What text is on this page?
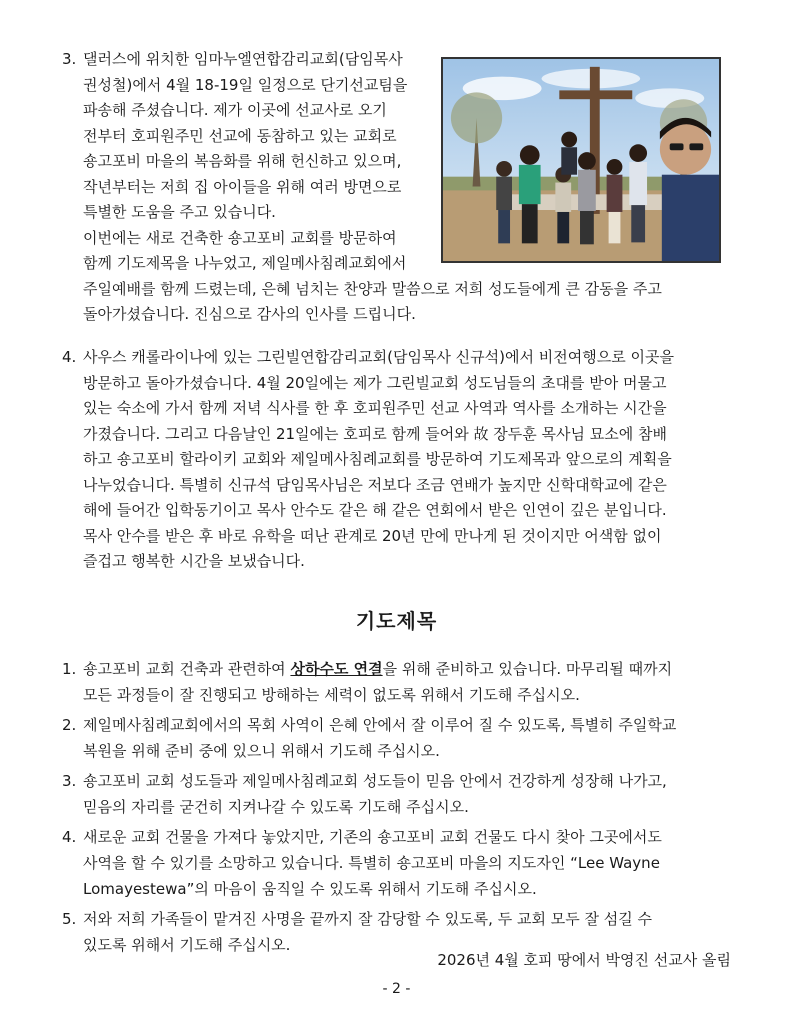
3. 댈러스에 위치한 임마누엘연합감리교회(담임목사
권성철)에서 4월 18-19일 일정으로 단기선교팀을
파송해 주셨습니다. 제가 이곳에 선교사로 오기
전부터 호피원주민 선교에 동참하고 있는 교회로
숑고포비 마을의 복음화를 위해 헌신하고 있으며,
작년부터는 저희 집 아이들을 위해 여러 방면으로
특별한 도움을 주고 있습니다.
이번에는 새로 건축한 숑고포비 교회를 방문하여
함께 기도제목을 나누었고, 제일메사침례교회에서
주일예배를 함께 드렸는데, 은혜 넘치는 찬양과 말씀으로 저희 성도들에게 큰 감동을 주고
돌아가셨습니다. 진심으로 감사의 인사를 드립니다.
4. 사우스 캐롤라이나에 있는 그린빌연합감리교회(담임목사 신규석)에서 비전여행으로 이곳을
방문하고 돌아가셨습니다. 4월 20일에는 제가 그린빌교회 성도님들의 초대를 받아 머물고
있는 숙소에 가서 함께 저녁 식사를 한 후 호피원주민 선교 사역과 역사를 소개하는 시간을
가졌습니다. 그리고 다음날인 21일에는 호피로 함께 들어와 故 장두훈 목사님 묘소에 참배
하고 숑고포비 할라이키 교회와 제일메사침례교회를 방문하여 기도제목과 앞으로의 계획을
나누었습니다. 특별히 신규석 담임목사님은 저보다 조금 연배가 높지만 신학대학교에 같은
해에 들어간 입학동기이고 목사 안수도 같은 해 같은 연회에서 받은 인연이 깊은 분입니다.
목사 안수를 받은 후 바로 유학을 떠난 관계로 20년 만에 만나게 된 것이지만 어색함 없이
즐겁고 행복한 시간을 보냈습니다.
기도제목
1. 숑고포비 교회 건축과 관련하여 상하수도 연결을 위해 준비하고 있습니다. 마무리될 때까지
모든 과정들이 잘 진행되고 방해하는 세력이 없도록 위해서 기도해 주십시오.
2. 제일메사침례교회에서의 목회 사역이 은혜 안에서 잘 이루어 질 수 있도록, 특별히 주일학교
복원을 위해 준비 중에 있으니 위해서 기도해 주십시오.
3. 숑고포비 교회 성도들과 제일메사침례교회 성도들이 믿음 안에서 건강하게 성장해 나가고,
믿음의 자리를 굳건히 지켜나갈 수 있도록 기도해 주십시오.
4. 새로운 교회 건물을 가져다 놓았지만, 기존의 숑고포비 교회 건물도 다시 찾아 그곳에서도
사역을 할 수 있기를 소망하고 있습니다. 특별히 숑고포비 마을의 지도자인 “Lee Wayne
Lomayestewa”의 마음이 움직일 수 있도록 위해서 기도해 주십시오.
5. 저와 저희 가족들이 맡겨진 사명을 끝까지 잘 감당할 수 있도록, 두 교회 모두 잘 섬길 수
있도록 위해서 기도해 주십시오.
2026년 4월 호피 땅에서 박영진 선교사 올림
- 2 -
